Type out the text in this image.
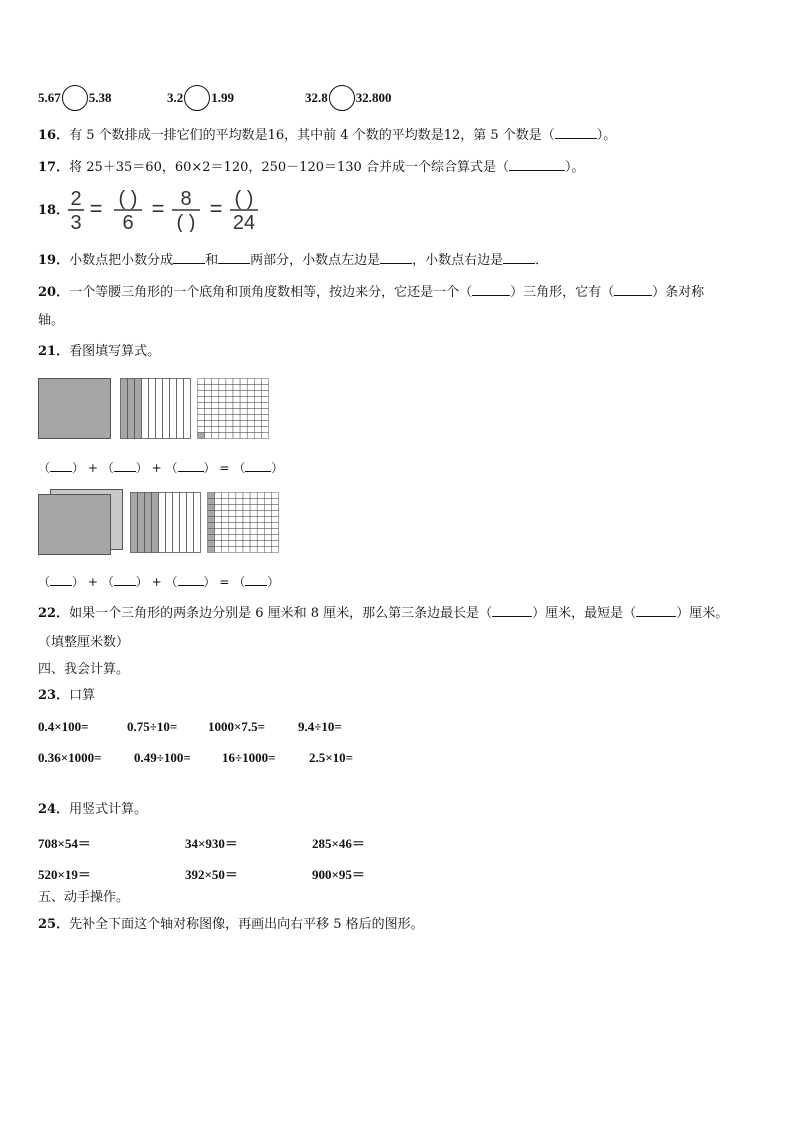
5.67 5.38	3.2 1.99	32.8 32.800
16．有 5 个数排成一排它们的平均数是16，其中前 4 个数的平均数是12，第 5 个数是（	）。
17．将 25＋35＝60，60×2＝120，250－120＝130 合并成一个综合算式是（	）。
18．
2
3
= ( )
6
= 8
( )
= ( )
24
19．小数点把小数分成 和 两部分，小数点左边是 ，小数点右边是 ．
20．一个等腰三角形的一个底角和顶角度数相等，按边来分，它还是一个（	）三角形，它有（	）条对称
轴。
21．看图填写算式。
（ ） + （ ） + （ ） = （ ）
（ ） + （ ） + （ ） = （ ）
22．如果一个三角形的两条边分别是 6 厘米和 8 厘米，那么第三条边最长是（	）厘米，最短是（	）厘米。
（填整厘米数）
四、我会计算。
23．口算
0.4×100=	0.75÷10= 1000×7.5=	9.4÷10=
0.36×1000= 0.49÷100= 16÷1000=	2.5×10=
24．用竖式计算。
708×54＝	34×930＝	285×46＝
520×19＝	392×50＝	900×95＝
五、动手操作。
25．先补全下面这个轴对称图像，再画出向右平移 5 格后的图形。
